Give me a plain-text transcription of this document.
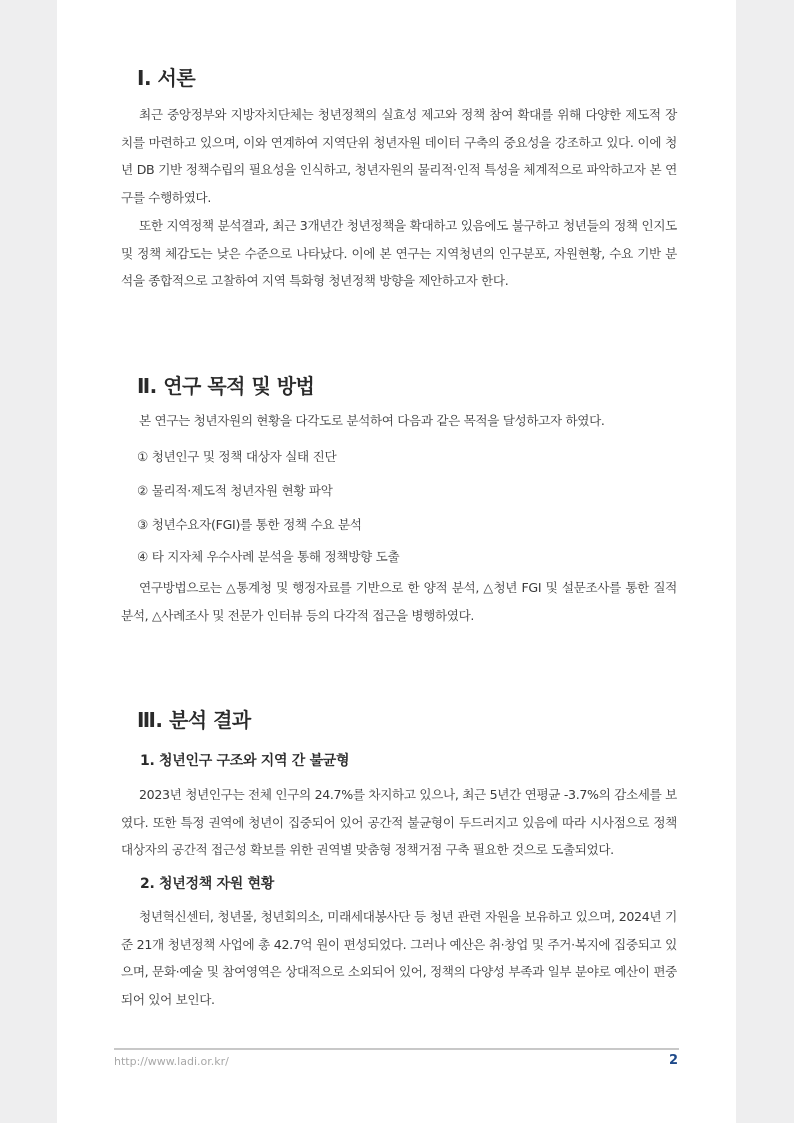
Ⅰ. 서론

최근 중앙정부와 지방자치단체는 청년정책의 실효성 제고와 정책 참여 확대를 위해 다양한 제도적 장치를 마련하고 있으며, 이와 연계하여 지역단위 청년자원 데이터 구축의 중요성을 강조하고 있다. 이에 청년 DB 기반 정책수립의 필요성을 인식하고, 청년자원의 물리적·인적 특성을 체계적으로 파악하고자 본 연구를 수행하였다.

또한 지역정책 분석결과, 최근 3개년간 청년정책을 확대하고 있음에도 불구하고 청년들의 정책 인지도 및 정책 체감도는 낮은 수준으로 나타났다. 이에 본 연구는 지역청년의 인구분포, 자원현황, 수요 기반 분석을 종합적으로 고찰하여 지역 특화형 청년정책 방향을 제안하고자 한다.

Ⅱ. 연구 목적 및 방법

본 연구는 청년자원의 현황을 다각도로 분석하여 다음과 같은 목적을 달성하고자 하였다.

① 청년인구 및 정책 대상자 실태 진단
② 물리적·제도적 청년자원 현황 파악
③ 청년수요자(FGI)를 통한 정책 수요 분석
④ 타 지자체 우수사례 분석을 통해 정책방향 도출

연구방법으로는 △통계청 및 행정자료를 기반으로 한 양적 분석, △청년 FGI 및 설문조사를 통한 질적 분석, △사례조사 및 전문가 인터뷰 등의 다각적 접근을 병행하였다.

Ⅲ. 분석 결과
1. 청년인구 구조와 지역 간 불균형

2023년 청년인구는 전체 인구의 24.7%를 차지하고 있으나, 최근 5년간 연평균 -3.7%의 감소세를 보였다. 또한 특정 권역에 청년이 집중되어 있어 공간적 불균형이 두드러지고 있음에 따라 시사점으로 정책대상자의 공간적 접근성 확보를 위한 권역별 맞춤형 정책거점 구축 필요한 것으로 도출되었다.

2. 청년정책 자원 현황

청년혁신센터, 청년몰, 청년회의소, 미래세대봉사단 등 청년 관련 자원을 보유하고 있으며, 2024년 기준 21개 청년정책 사업에 총 42.7억 원이 편성되었다. 그러나 예산은 취·창업 및 주거·복지에 집중되고 있으며, 문화·예술 및 참여영역은 상대적으로 소외되어 있어, 정책의 다양성 부족과 일부 분야로 예산이 편중되어 있어 보인다.

http://www.ladi.or.kr/	2
